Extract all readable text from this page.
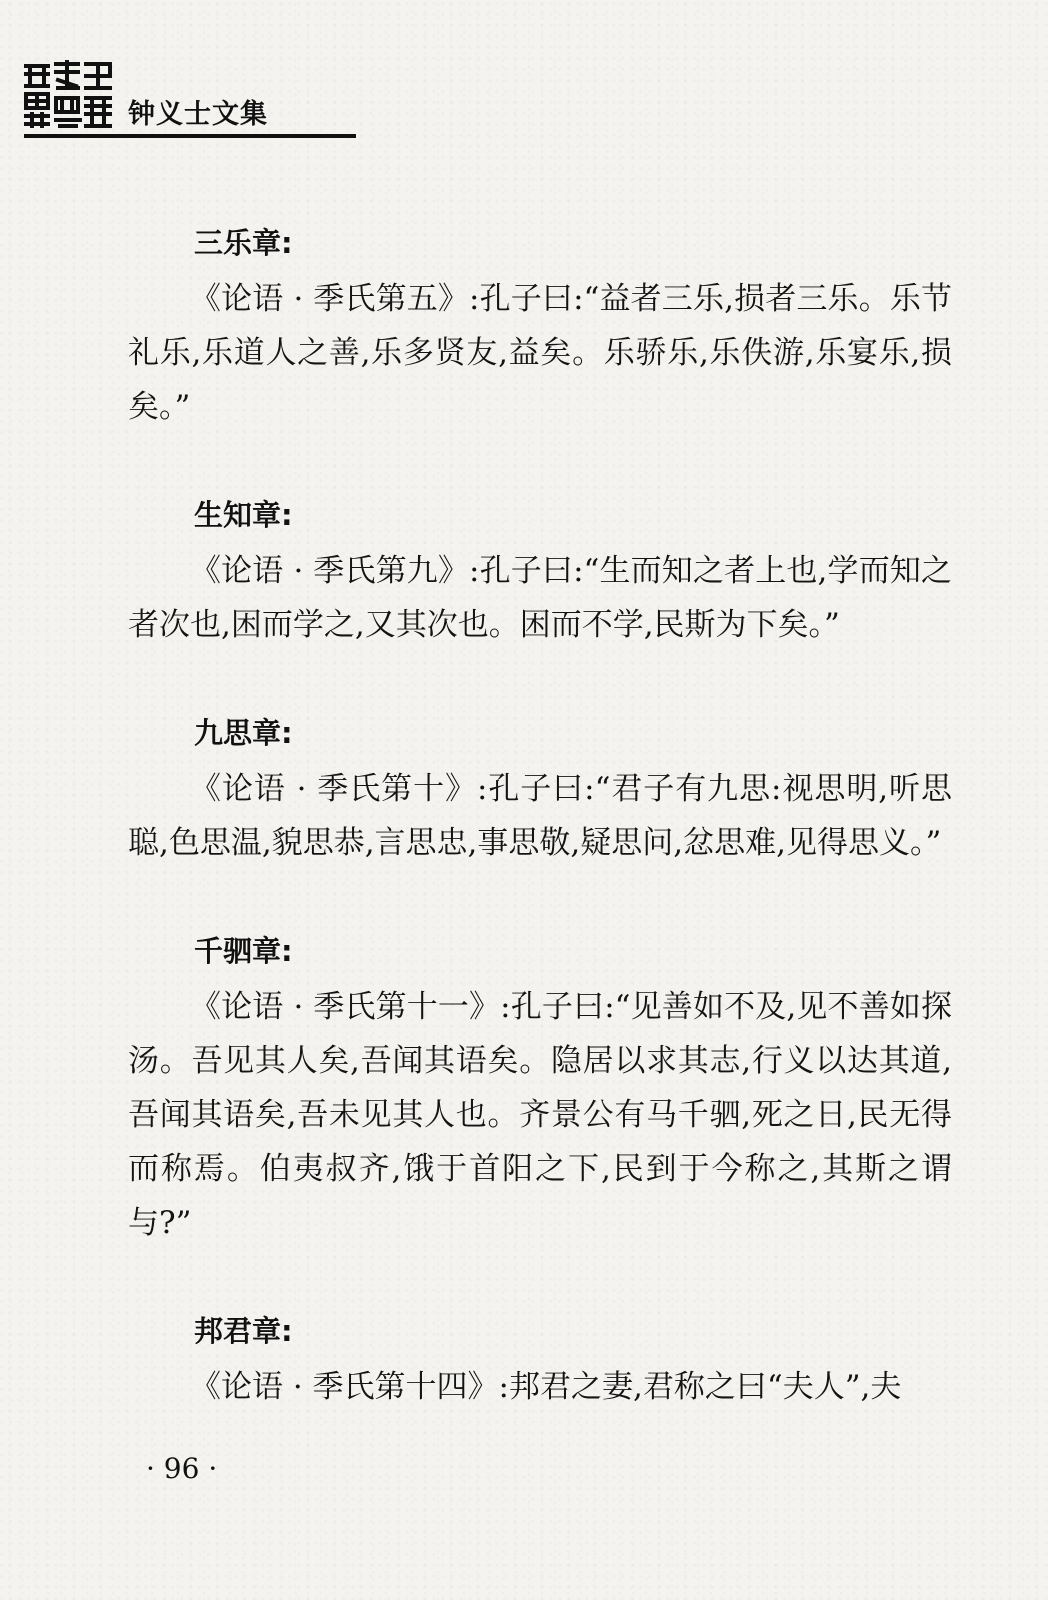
钟义士文集
三乐章:

《论语 · 季氏第五》:孔子曰:“益者三乐,损者三乐。乐节礼乐,乐道人之善,乐多贤友,益矣。乐骄乐,乐佚游,乐宴乐,损矣。”

生知章:

《论语 · 季氏第九》:孔子曰:“生而知之者上也,学而知之者次也,困而学之,又其次也。困而不学,民斯为下矣。”

九思章:

《论语 · 季氏第十》:孔子曰:“君子有九思:视思明,听思聪,色思温,貌思恭,言思忠,事思敬,疑思问,忿思难,见得思义。”

千驷章:

《论语 · 季氏第十一》:孔子曰:“见善如不及,见不善如探汤。吾见其人矣,吾闻其语矣。隐居以求其志,行义以达其道,吾闻其语矣,吾未见其人也。齐景公有马千驷,死之日,民无得而称焉。伯夷叔齐,饿于首阳之下,民到于今称之,其斯之谓与?”

邦君章:

《论语 · 季氏第十四》:邦君之妻,君称之曰“夫人”,夫

· 96 ·
